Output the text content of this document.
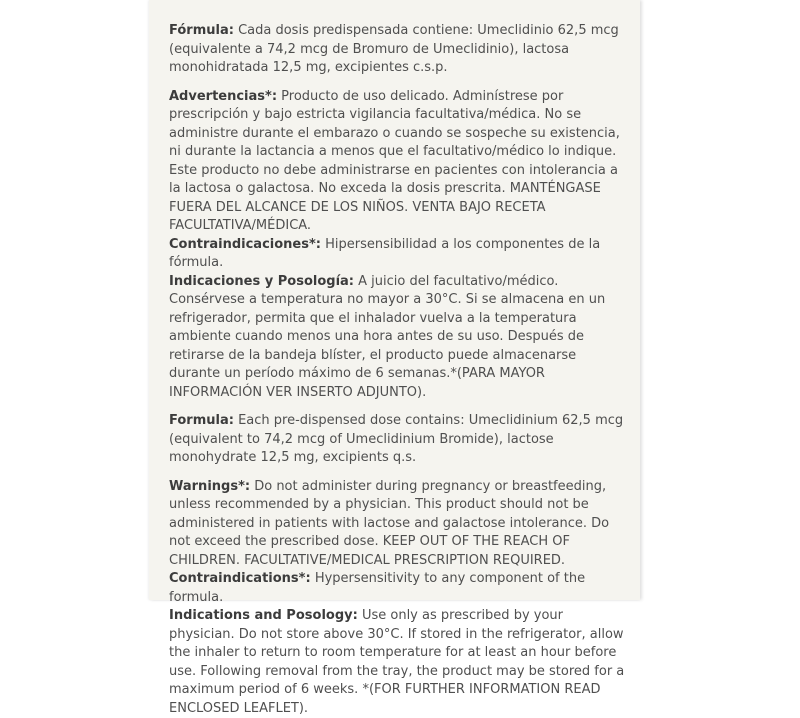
Fórmula: Cada dosis predispensada contiene: Umeclidinio 62,5 mcg (equivalente a 74,2 mcg de Bromuro de Umeclidinio), lactosa monohidratada 12,5 mg, excipientes c.s.p.

Advertencias*: Producto de uso delicado. Adminístrese por prescripción y bajo estricta vigilancia facultativa/médica. No se administre durante el embarazo o cuando se sospeche su existencia, ni durante la lactancia a menos que el facultativo/médico lo indique. Este producto no debe administrarse en pacientes con intolerancia a la lactosa o galactosa. No exceda la dosis prescrita. MANTÉNGASE FUERA DEL ALCANCE DE LOS NIÑOS. VENTA BAJO RECETA FACULTATIVA/MÉDICA.

Contraindicaciones*: Hipersensibilidad a los componentes de la fórmula.

Indicaciones y Posología: A juicio del facultativo/médico. Consérvese a temperatura no mayor a 30°C. Si se almacena en un refrigerador, permita que el inhalador vuelva a la temperatura ambiente cuando menos una hora antes de su uso. Después de retirarse de la bandeja blíster, el producto puede almacenarse durante un período máximo de 6 semanas.*(PARA MAYOR INFORMACIÓN VER INSERTO ADJUNTO).

Formula: Each pre-dispensed dose contains: Umeclidinium 62,5 mcg (equivalent to 74,2 mcg of Umeclidinium Bromide), lactose monohydrate 12,5 mg, excipients q.s.

Warnings*: Do not administer during pregnancy or breastfeeding, unless recommended by a physician. This product should not be administered in patients with lactose and galactose intolerance. Do not exceed the prescribed dose. KEEP OUT OF THE REACH OF CHILDREN. FACULTATIVE/MEDICAL PRESCRIPTION REQUIRED.

Contraindications*: Hypersensitivity to any component of the formula.

Indications and Posology: Use only as prescribed by your physician. Do not store above 30°C. If stored in the refrigerator, allow the inhaler to return to room temperature for at least an hour before use. Following removal from the tray, the product may be stored for a maximum period of 6 weeks. *(FOR FURTHER INFORMATION READ ENCLOSED LEAFLET).
